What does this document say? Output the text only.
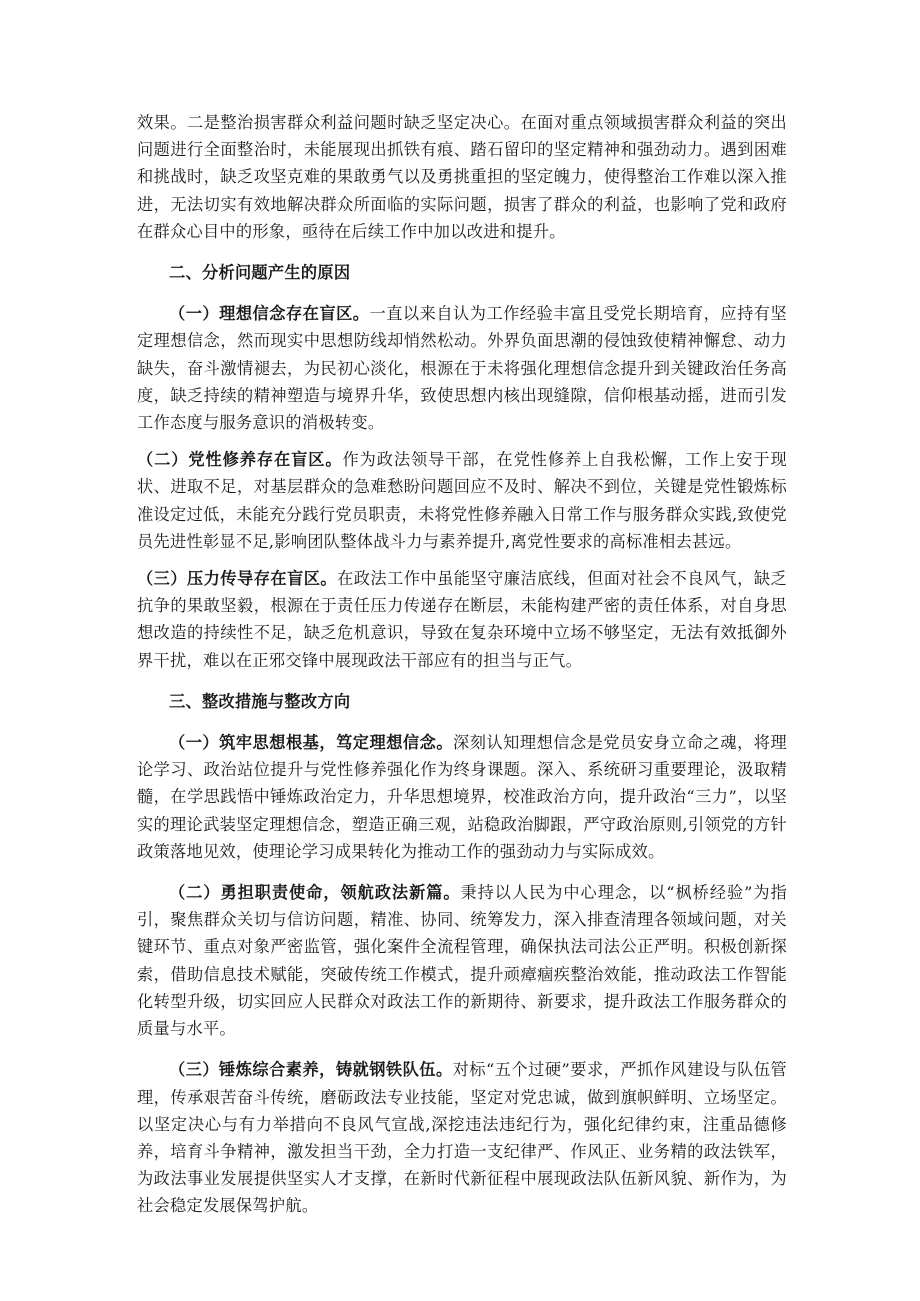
效果。二是整治损害群众利益问题时缺乏坚定决心。在面对重点领域损害群众利益的突出问题进行全面整治时，未能展现出抓铁有痕、踏石留印的坚定精神和强劲动力。遇到困难和挑战时，缺乏攻坚克难的果敢勇气以及勇挑重担的坚定魄力，使得整治工作难以深入推进，无法切实有效地解决群众所面临的实际问题，损害了群众的利益，也影响了党和政府在群众心目中的形象，亟待在后续工作中加以改进和提升。

二、分析问题产生的原因

（一）理想信念存在盲区。一直以来自认为工作经验丰富且受党长期培育，应持有坚定理想信念，然而现实中思想防线却悄然松动。外界负面思潮的侵蚀致使精神懈怠、动力缺失，奋斗激情褪去，为民初心淡化，根源在于未将强化理想信念提升到关键政治任务高度，缺乏持续的精神塑造与境界升华，致使思想内核出现缝隙，信仰根基动摇，进而引发工作态度与服务意识的消极转变。

（二）党性修养存在盲区。作为政法领导干部，在党性修养上自我松懈，工作上安于现状、进取不足，对基层群众的急难愁盼问题回应不及时、解决不到位，关键是党性锻炼标准设定过低，未能充分践行党员职责，未将党性修养融入日常工作与服务群众实践,致使党员先进性彰显不足,影响团队整体战斗力与素养提升,离党性要求的高标准相去甚远。

（三）压力传导存在盲区。在政法工作中虽能坚守廉洁底线，但面对社会不良风气，缺乏抗争的果敢坚毅，根源在于责任压力传递存在断层，未能构建严密的责任体系，对自身思想改造的持续性不足，缺乏危机意识，导致在复杂环境中立场不够坚定，无法有效抵御外界干扰，难以在正邪交锋中展现政法干部应有的担当与正气。

三、整改措施与整改方向

（一）筑牢思想根基，笃定理想信念。深刻认知理想信念是党员安身立命之魂，将理论学习、政治站位提升与党性修养强化作为终身课题。深入、系统研习重要理论，汲取精髓，在学思践悟中锤炼政治定力，升华思想境界，校准政治方向，提升政治“三力”，以坚实的理论武装坚定理想信念，塑造正确三观，站稳政治脚跟，严守政治原则,引领党的方针政策落地见效，使理论学习成果转化为推动工作的强劲动力与实际成效。

（二）勇担职责使命，领航政法新篇。秉持以人民为中心理念，以“枫桥经验”为指引，聚焦群众关切与信访问题，精准、协同、统筹发力，深入排查清理各领域问题，对关键环节、重点对象严密监管，强化案件全流程管理，确保执法司法公正严明。积极创新探索，借助信息技术赋能，突破传统工作模式，提升顽瘴痼疾整治效能，推动政法工作智能化转型升级，切实回应人民群众对政法工作的新期待、新要求，提升政法工作服务群众的质量与水平。

（三）锤炼综合素养，铸就钢铁队伍。对标“五个过硬”要求，严抓作风建设与队伍管理，传承艰苦奋斗传统，磨砺政法专业技能，坚定对党忠诚，做到旗帜鲜明、立场坚定。以坚定决心与有力举措向不良风气宣战,深挖违法违纪行为，强化纪律约束，注重品德修养，培育斗争精神，激发担当干劲，全力打造一支纪律严、作风正、业务精的政法铁军，为政法事业发展提供坚实人才支撑，在新时代新征程中展现政法队伍新风貌、新作为，为社会稳定发展保驾护航。
